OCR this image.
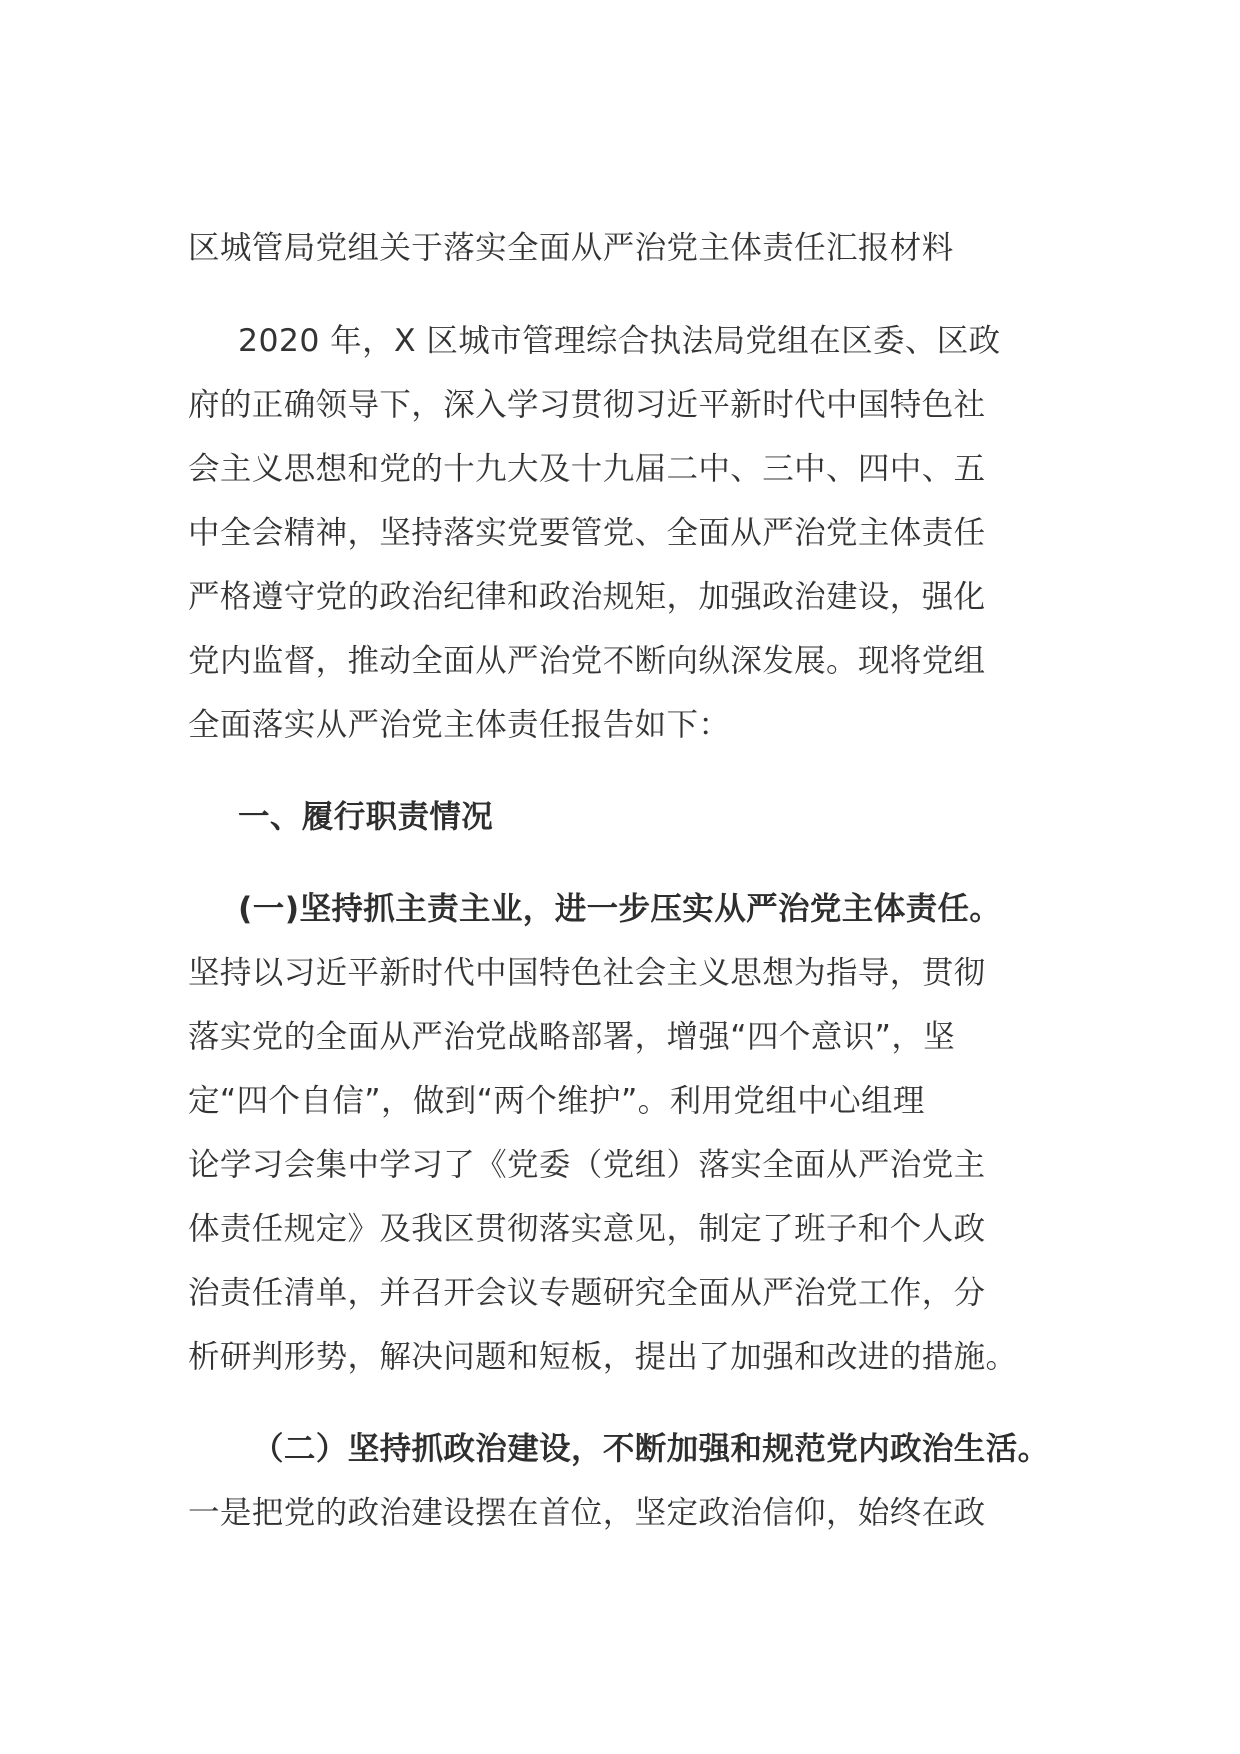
区城管局党组关于落实全面从严治党主体责任汇报材料
2020 年，X 区城市管理综合执法局党组在区委、区政
府的正确领导下，深入学习贯彻习近平新时代中国特色社
会主义思想和党的十九大及十九届二中、三中、四中、五
中全会精神，坚持落实党要管党、全面从严治党主体责任
严格遵守党的政治纪律和政治规矩，加强政治建设，强化
党内监督，推动全面从严治党不断向纵深发展。现将党组
全面落实从严治党主体责任报告如下：
一、履行职责情况
(一)坚持抓主责主业，进一步压实从严治党主体责任。
坚持以习近平新时代中国特色社会主义思想为指导，贯彻
落实党的全面从严治党战略部署，增强“四个意识”，坚
定“四个自信”，做到“两个维护”。利用党组中心组理
论学习会集中学习了《党委（党组）落实全面从严治党主
体责任规定》及我区贯彻落实意见，制定了班子和个人政
治责任清单，并召开会议专题研究全面从严治党工作，分
析研判形势，解决问题和短板，提出了加强和改进的措施。
（二）坚持抓政治建设，不断加强和规范党内政治生活。
一是把党的政治建设摆在首位，坚定政治信仰，始终在政
